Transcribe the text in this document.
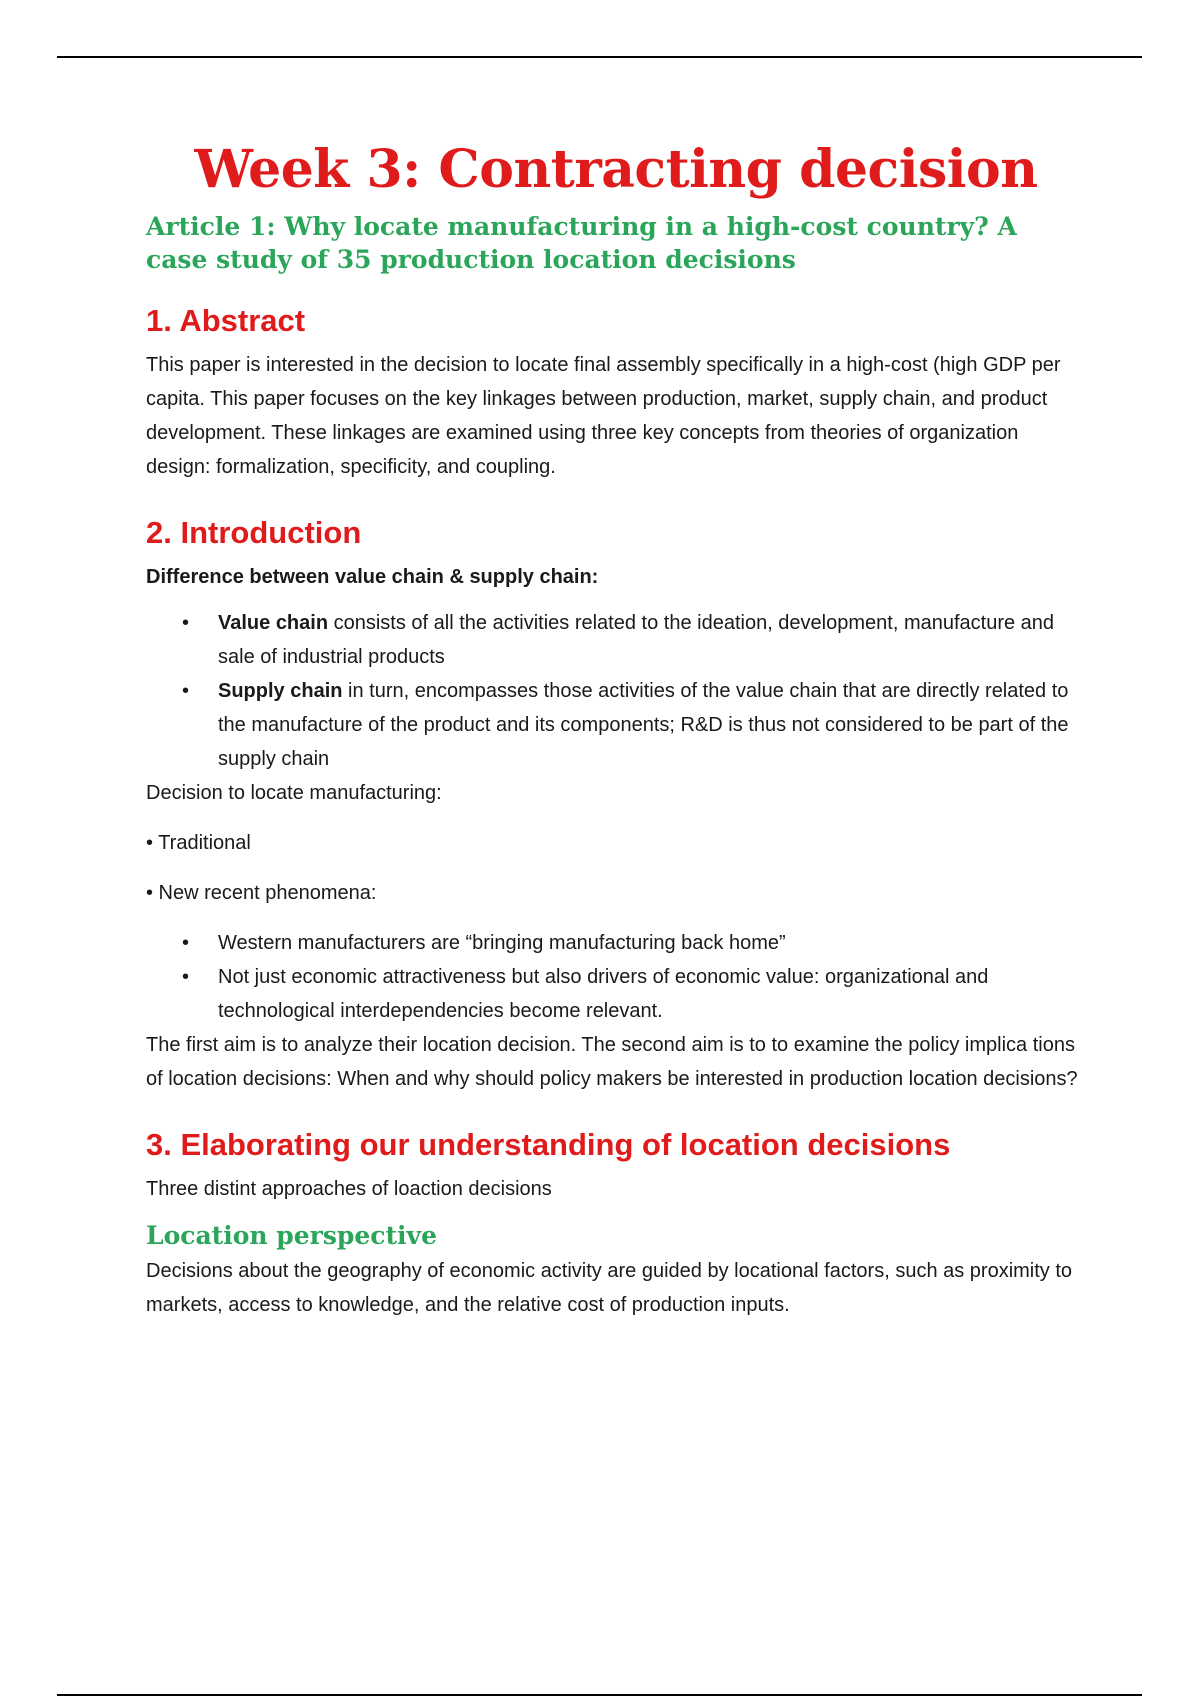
Week 3: Contracting decision
Article 1: Why locate manufacturing in a high-cost country? A case study of 35 production location decisions
1. Abstract

This paper is interested in the decision to locate final assembly specifically in a high-cost (high GDP per capita. This paper focuses on the key linkages between production, market, supply chain, and product development. These linkages are examined using three key concepts from theories of organization design: formalization, specificity, and coupling.

2. Introduction
Difference between value chain & supply chain:
• Value chain consists of all the activities related to the ideation, development, manufacture and sale of industrial products
• Supply chain in turn, encompasses those activities of the value chain that are directly related to the manufacture of the product and its components; R&D is thus not considered to be part of the supply chain

Decision to locate manufacturing:

• Traditional

• New recent phenomena:

• Western manufacturers are “bringing manufacturing back home”
• Not just economic attractiveness but also drivers of economic value: organizational and technological interdependencies become relevant.

The first aim is to analyze their location decision. The second aim is to to examine the policy implica tions of location decisions: When and why should policy makers be interested in production location decisions?

3. Elaborating our understanding of location decisions

Three distint approaches of loaction decisions

Location perspective

Decisions about the geography of economic activity are guided by locational factors, such as proximity to markets, access to knowledge, and the relative cost of production inputs.
